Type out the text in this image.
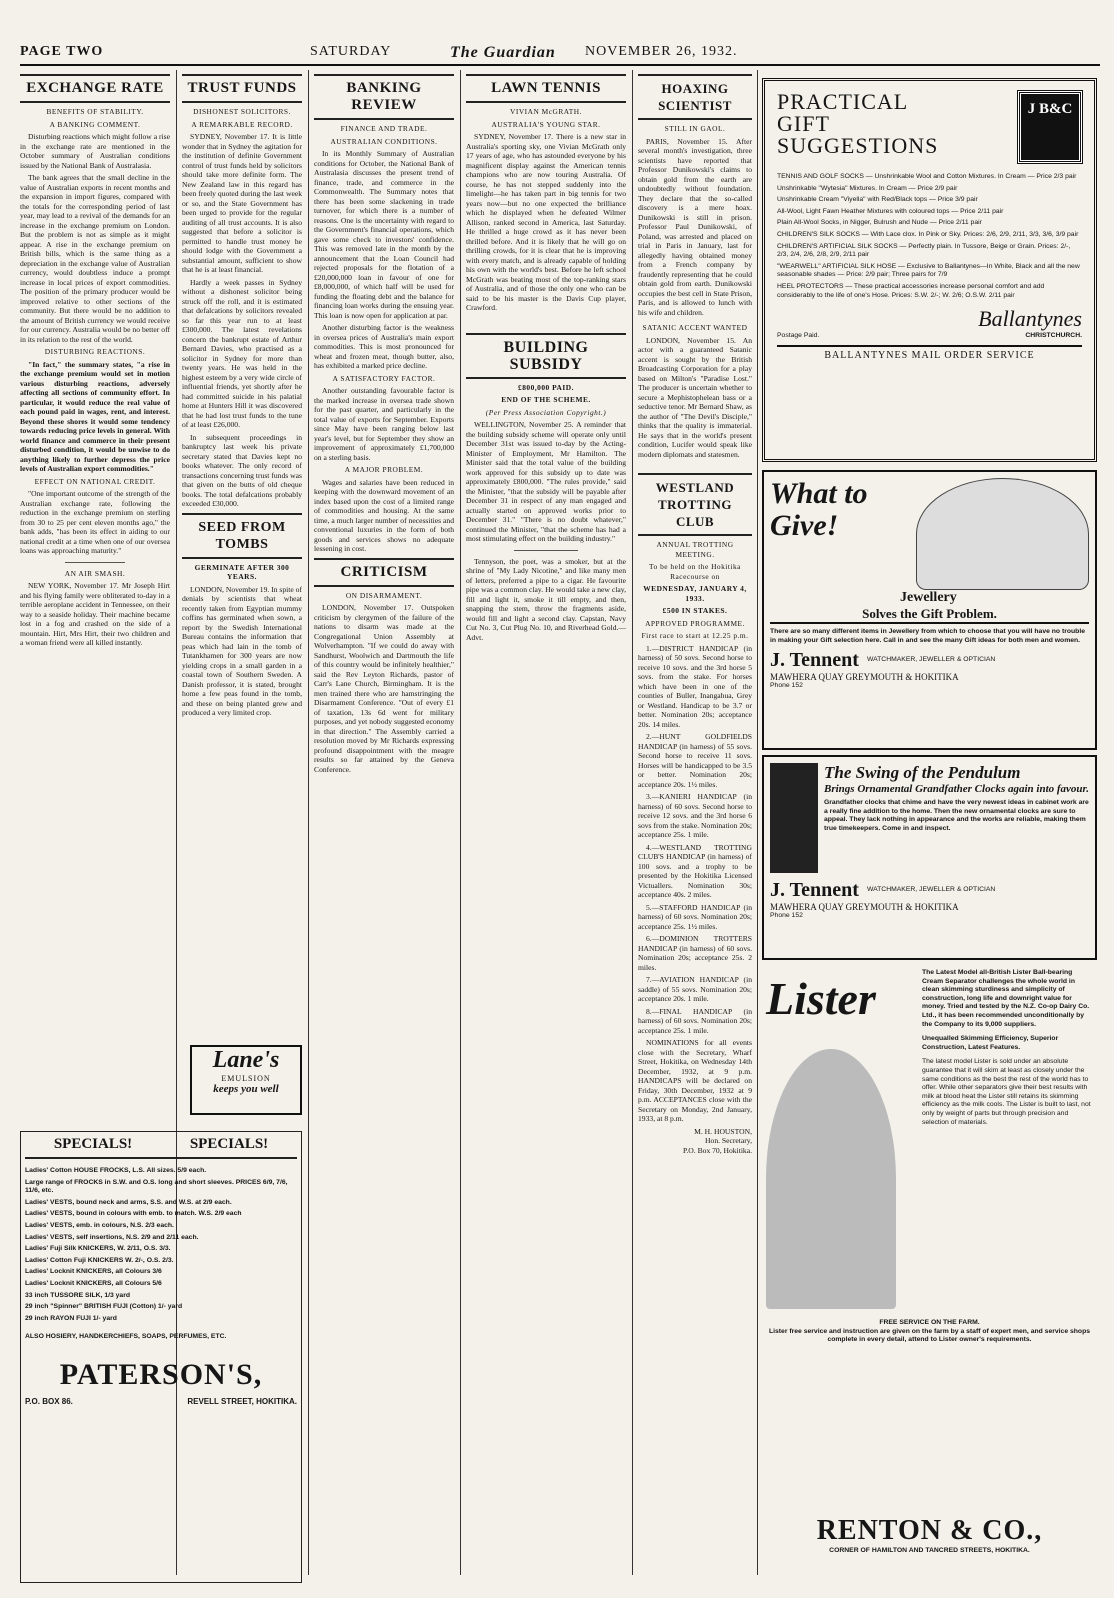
PAGE TWO	SATURDAY	The Guardian NOVEMBER 26, 1932.
EXCHANGE RATE
BENEFITS OF STABILITY.
A BANKING COMMENT.

Disturbing reactions which might follow a rise in the exchange rate are mentioned in the October summary of Australian conditions issued by the National Bank of Australasia.

The bank agrees that the small decline in the value of Australian exports in recent months and the expansion in import figures, compared with the totals for the corresponding period of last year, may lead to a revival of the demands for an increase in the exchange premium on London. But the problem is not as simple as it might appear. A rise in the exchange premium on British bills, which is the same thing as a depreciation in the exchange value of Australian currency, would doubtless induce a prompt increase in local prices of export commodities. The position of the primary producer would be improved relative to other sections of the community. But there would be no addition to the amount of British currency we would receive for our currency. Australia would be no better off in its relation to the rest of the world.

DISTURBING REACTIONS.

"In fact," the summary states, "a rise in the exchange premium would set in motion various disturbing reactions, adversely affecting all sections of community effort. In particular, it would reduce the real value of each pound paid in wages, rent, and interest. Beyond these shores it would some tendency towards reducing price levels in general. With world finance and commerce in their present disturbed condition, it would be unwise to do anything likely to further depress the price levels of Australian export commodities."

EFFECT ON NATIONAL CREDIT.

"One important outcome of the strength of the Australian exchange rate, following the reduction in the exchange premium on sterling from 30 to 25 per cent eleven months ago," the bank adds, "has been its effect in aiding to our national credit at a time when one of our oversea loans was approaching maturity."

AN AIR SMASH.

NEW YORK, November 17. Mr Joseph Hirt and his flying family were obliterated to-day in a terrible aeroplane accident in Tennessee, on their way to a seaside holiday. Their machine became lost in a fog and crashed on the side of a mountain. Hirt, Mrs Hirt, their two children and a woman friend were all killed instantly.

SPECIALS!	SPECIALS!
Ladies' Cotton HOUSE FROCKS, L.S. All sizes. 5/9 each.
Large range of FROCKS in S.W. and O.S. long and short sleeves. PRICES 6/9, 7/6, 11/6, etc.
Ladies' VESTS, bound neck and arms, S.S. and W.S. at 2/9 each.
Ladies' VESTS, bound in colours with emb. to match. W.S. 2/9 each
Ladies' VESTS, emb. in colours, N.S. 2/3 each.
Ladies' VESTS, self insertions, N.S. 2/9 and 2/11 each.
Ladies' Fuji Silk KNICKERS, W. 2/11, O.S. 3/3.
Ladies' Cotton Fuji KNICKERS W. 2/-, O.S. 2/3.
Ladies' Locknit KNICKERS, all Colours 3/6
Ladies' Locknit KNICKERS, all Colours 5/6
33 inch TUSSORE SILK, 1/3 yard
29 inch "Spinner" BRITISH FUJI (Cotton) 1/- yard
29 inch RAYON FUJI 1/- yard
ALSO HOSIERY, HANDKERCHIEFS, SOAPS, PERFUMES, ETC.
PATERSON'S,
P.O. BOX 86.	REVELL STREET, HOKITIKA.
TRUST FUNDS
DISHONEST SOLICITORS.
A REMARKABLE RECORD.

SYDNEY, November 17. It is little wonder that in Sydney the agitation for the institution of definite Government control of trust funds held by solicitors should take more definite form. The New Zealand law in this regard has been freely quoted during the last week or so, and the State Government has been urged to provide for the regular auditing of all trust accounts. It is also suggested that before a solicitor is permitted to handle trust money he should lodge with the Government a substantial amount, sufficient to show that he is at least financial.

Hardly a week passes in Sydney without a dishonest solicitor being struck off the roll, and it is estimated that defalcations by solicitors revealed so far this year run to at least £300,000. The latest revelations concern the bankrupt estate of Arthur Bernard Davies, who practised as a solicitor in Sydney for more than twenty years. He was held in the highest esteem by a very wide circle of influential friends, yet shortly after he had committed suicide in his palatial home at Hunters Hill it was discovered that he had lost trust funds to the tune of at least £26,000.

In subsequent proceedings in bankruptcy last week his private secretary stated that Davies kept no books whatever. The only record of transactions concerning trust funds was that given on the butts of old cheque books. The total defalcations probably exceeded £30,000.

SEED FROM TOMBS
GERMINATE AFTER 300 YEARS.

LONDON, November 19. In spite of denials by scientists that wheat recently taken from Egyptian mummy coffins has germinated when sown, a report by the Swedish International Bureau contains the information that peas which had lain in the tomb of Tutankhamen for 300 years are now yielding crops in a small garden in a coastal town of Southern Sweden. A Danish professor, it is stated, brought home a few peas found in the tomb, and these on being planted grew and produced a very limited crop.

Lane's
EMULSION
keeps you well
BANKING REVIEW
FINANCE AND TRADE.
AUSTRALIAN CONDITIONS.

In its Monthly Summary of Australian conditions for October, the National Bank of Australasia discusses the present trend of finance, trade, and commerce in the Commonwealth. The Summary notes that there has been some slackening in trade turnover, for which there is a number of reasons. One is the uncertainty with regard to the Government's financial operations, which gave some check to investors' confidence. This was removed late in the month by the announcement that the Loan Council had rejected proposals for the flotation of a £20,000,000 loan in favour of one for £8,000,000, of which half will be used for funding the floating debt and the balance for financing loan works during the ensuing year. This loan is now open for application at par.

Another disturbing factor is the weakness in oversea prices of Australia's main export commodities. This is most pronounced for wheat and frozen meat, though butter, also, has exhibited a marked price decline.

A SATISFACTORY FACTOR.

Another outstanding favourable factor is the marked increase in oversea trade shown for the past quarter, and particularly in the total value of exports for September. Exports since May have been ranging below last year's level, but for September they show an improvement of approximately £1,700,000 on a sterling basis.

A MAJOR PROBLEM.

Wages and salaries have been reduced in keeping with the downward movement of an index based upon the cost of a limited range of commodities and housing. At the same time, a much larger number of necessities and conventional luxuries in the form of both goods and services shows no adequate lessening in cost.

CRITICISM
ON DISARMAMENT.

LONDON, November 17. Outspoken criticism by clergymen of the failure of the nations to disarm was made at the Congregational Union Assembly at Wolverhampton. "If we could do away with Sandhurst, Woolwich and Dartmouth the life of this country would be infinitely healthier," said the Rev Leyton Richards, pastor of Carr's Lane Church, Birmingham. It is the men trained there who are hamstringing the Disarmament Conference. "Out of every £1 of taxation, 13s 6d went for military purposes, and yet nobody suggested economy in that direction." The Assembly carried a resolution moved by Mr Richards expressing profound disappointment with the meagre results so far attained by the Geneva Conference.

LAWN TENNIS
VIVIAN McGRATH.
AUSTRALIA'S YOUNG STAR.

SYDNEY, November 17. There is a new star in Australia's sporting sky, one Vivian McGrath only 17 years of age, who has astounded everyone by his magnificent display against the American tennis champions who are now touring Australia. Of course, he has not stepped suddenly into the limelight—he has taken part in big tennis for two years now—but no one expected the brilliance which he displayed when he defeated Wilmer Allison, ranked second in America, last Saturday. He thrilled a huge crowd as it has never been thrilled before. And it is likely that he will go on thrilling crowds, for it is clear that he is improving with every match, and is already capable of holding his own with the world's best. Before he left school McGrath was beating most of the top-ranking stars of Australia, and of those the only one who can be said to be his master is the Davis Cup player, Crawford.

BUILDING SUBSIDY
£800,000 PAID.
END OF THE SCHEME.
(Per Press Association Copyright.)

WELLINGTON, November 25. A reminder that the building subsidy scheme will operate only until December 31st was issued to-day by the Acting-Minister of Employment, Mr Hamilton. The Minister said that the total value of the building work approved for this subsidy up to date was approximately £800,000. "The rules provide," said the Minister, "that the subsidy will be payable after December 31 in respect of any man engaged and actually started on approved works prior to December 31." "There is no doubt whatever," continued the Minister, "that the scheme has had a most stimulating effect on the building industry."

Tennyson, the poet, was a smoker, but at the shrine of "My Lady Nicotine," and like many men of letters, preferred a pipe to a cigar. He favourite pipe was a common clay. He would take a new clay, fill and light it, smoke it till empty, and then, snapping the stem, throw the fragments aside, would fill and light a second clay. Capstan, Navy Cut No. 3, Cut Plug No. 10, and Riverhead Gold.—Advt.

HOAXING SCIENTIST
STILL IN GAOL.

PARIS, November 15. After several month's investigation, three scientists have reported that Professor Dunikowski's claims to obtain gold from the earth are undoubtedly without foundation. They declare that the so-called discovery is a mere hoax. Dunikowski is still in prison. Professor Paul Dunikowski, of Poland, was arrested and placed on trial in Paris in January, last for allegedly having obtained money from a French company by fraudently representing that he could obtain gold from earth. Dunikowski occupies the best cell in State Prison, Paris, and is allowed to lunch with his wife and children.

SATANIC ACCENT WANTED

LONDON, November 15. An actor with a guaranteed Satanic accent is sought by the British Broadcasting Corporation for a play based on Milton's "Paradise Lost." The producer is uncertain whether to secure a Mephistophelean bass or a seductive tenor. Mr Bernard Shaw, as the author of "The Devil's Disciple," thinks that the quality is immaterial. He says that in the world's present condition, Lucifer would speak like modern diplomats and statesmen.

WESTLAND TROTTING CLUB
ANNUAL TROTTING MEETING.
To be held on the Hokitika Racecourse on
WEDNESDAY, JANUARY 4, 1933.
£500 IN STAKES.
APPROVED PROGRAMME.
First race to start at 12.25 p.m.

1.—DISTRICT HANDICAP (in harness) of 50 sovs. Second horse to receive 10 sovs. and the 3rd horse 5 sovs. from the stake. For horses which have been in one of the counties of Buller, Inangahua, Grey or Westland. Handicap to be 3.7 or better. Nomination 20s; acceptance 20s. 14 miles.

2.—HUNT GOLDFIELDS HANDICAP (in harness) of 55 sovs. Second horse to receive 11 sovs. Horses will be handicapped to be 3.5 or better. Nomination 20s; acceptance 20s. 1½ miles.

3.—KANIERI HANDICAP (in harness) of 60 sovs. Second horse to receive 12 sovs. and the 3rd horse 6 sovs from the stake. Nomination 20s; acceptance 25s. 1 mile.

4.—WESTLAND TROTTING CLUB'S HANDICAP (in harness) of 100 sovs. and a trophy to be presented by the Hokitika Licensed Victuallers. Nomination 30s; acceptance 40s. 2 miles.

5.—STAFFORD HANDICAP (in harness) of 60 sovs. Nomination 20s; acceptance 25s. 1½ miles.

6.—DOMINION TROTTERS HANDICAP (in harness) of 60 sovs. Nomination 20s; acceptance 25s. 2 miles.

7.—AVIATION HANDICAP (in saddle) of 55 sovs. Nomination 20s; acceptance 20s. 1 mile.

8.—FINAL HANDICAP (in harness) of 60 sovs. Nomination 20s; acceptance 25s. 1 mile.

NOMINATIONS for all events close with the Secretary, Wharf Street, Hokitika, on Wednesday 14th December, 1932, at 9 p.m. HANDICAPS will be declared on Friday, 30th December, 1932 at 9 p.m. ACCEPTANCES close with the Secretary on Monday, 2nd January, 1933, at 8 p.m.

M. H. HOUSTON,
Hon. Secretary,
P.O. Box 70, Hokitika.
PRACTICAL
GIFT
SUGGESTIONS
J B&C
TENNIS AND GOLF SOCKS — Unshrinkable Wool and Cotton Mixtures. In Cream — Price 2/3 pair
Unshrinkable "Wytesia" Mixtures. In Cream — Price 2/9 pair
Unshrinkable Cream "Viyella" with Red/Black tops — Price 3/9 pair
All-Wool, Light Fawn Heather Mixtures with coloured tops — Price 2/11 pair
Plain All-Wool Socks, in Nigger, Bulrush and Nude — Price 2/11 pair
CHILDREN'S SILK SOCKS — With Lace clox. In Pink or Sky. Prices: 2/6, 2/9, 2/11, 3/3, 3/6, 3/9 pair
CHILDREN'S ARTIFICIAL SILK SOCKS — Perfectly plain. In Tussore, Beige or Grain. Prices: 2/-, 2/3, 2/4, 2/6, 2/8, 2/9, 2/11 pair
"WEARWELL" ARTIFICIAL SILK HOSE — Exclusive to Ballantynes—In White, Black and all the new seasonable shades — Price: 2/9 pair; Three pairs for 7/9
HEEL PROTECTORS — These practical accessories increase personal comfort and add considerably to the life of one's Hose. Prices: S.W. 2/-; W. 2/6; O.S.W. 2/11 pair
Postage Paid.
Ballantynes
CHRISTCHURCH.
BALLANTYNES MAIL ORDER SERVICE
What to
Give!
Jewellery
Solves the Gift Problem.
There are so many different items in Jewellery from which to choose that you will have no trouble in making your Gift selection here. Call in and see the many Gift ideas for both men and women.
J. Tennent WATCHMAKER, JEWELLER & OPTICIAN
MAWHERA QUAY GREYMOUTH & HOKITIKA
Phone 152
The Swing of the Pendulum
Brings Ornamental Grandfather Clocks again into favour.
Grandfather clocks that chime and have the very newest ideas in cabinet work are a really fine addition to the home. Then the new ornamental clocks are sure to appeal. They lack nothing in appearance and the works are reliable, making them true timekeepers. Come in and inspect.
J. Tennent WATCHMAKER, JEWELLER & OPTICIAN
MAWHERA QUAY GREYMOUTH & HOKITIKA
Phone 152
Lister
The Latest Model all-British Lister Ball-bearing Cream Separator challenges the whole world in clean skimming sturdiness and simplicity of construction, long life and downright value for money. Tried and tested by the N.Z. Co-op Dairy Co. Ltd., it has been recommended unconditionally by the Company to its 9,000 suppliers.
Unequalled Skimming Efficiency, Superior Construction, Latest Features.
The latest model Lister is sold under an absolute guarantee that it will skim at least as closely under the same conditions as the best the rest of the world has to offer. While other separators give their best results with milk at blood heat the Lister still retains its skimming efficiency as the milk cools. The Lister is built to last, not only by weight of parts but through precision and selection of materials.
FREE SERVICE ON THE FARM.
Lister free service and instruction are given on the farm by a staff of expert men, and service shops complete in every detail, attend to Lister owner's requirements.
RENTON & CO.,
CORNER OF HAMILTON AND TANCRED STREETS, HOKITIKA.
